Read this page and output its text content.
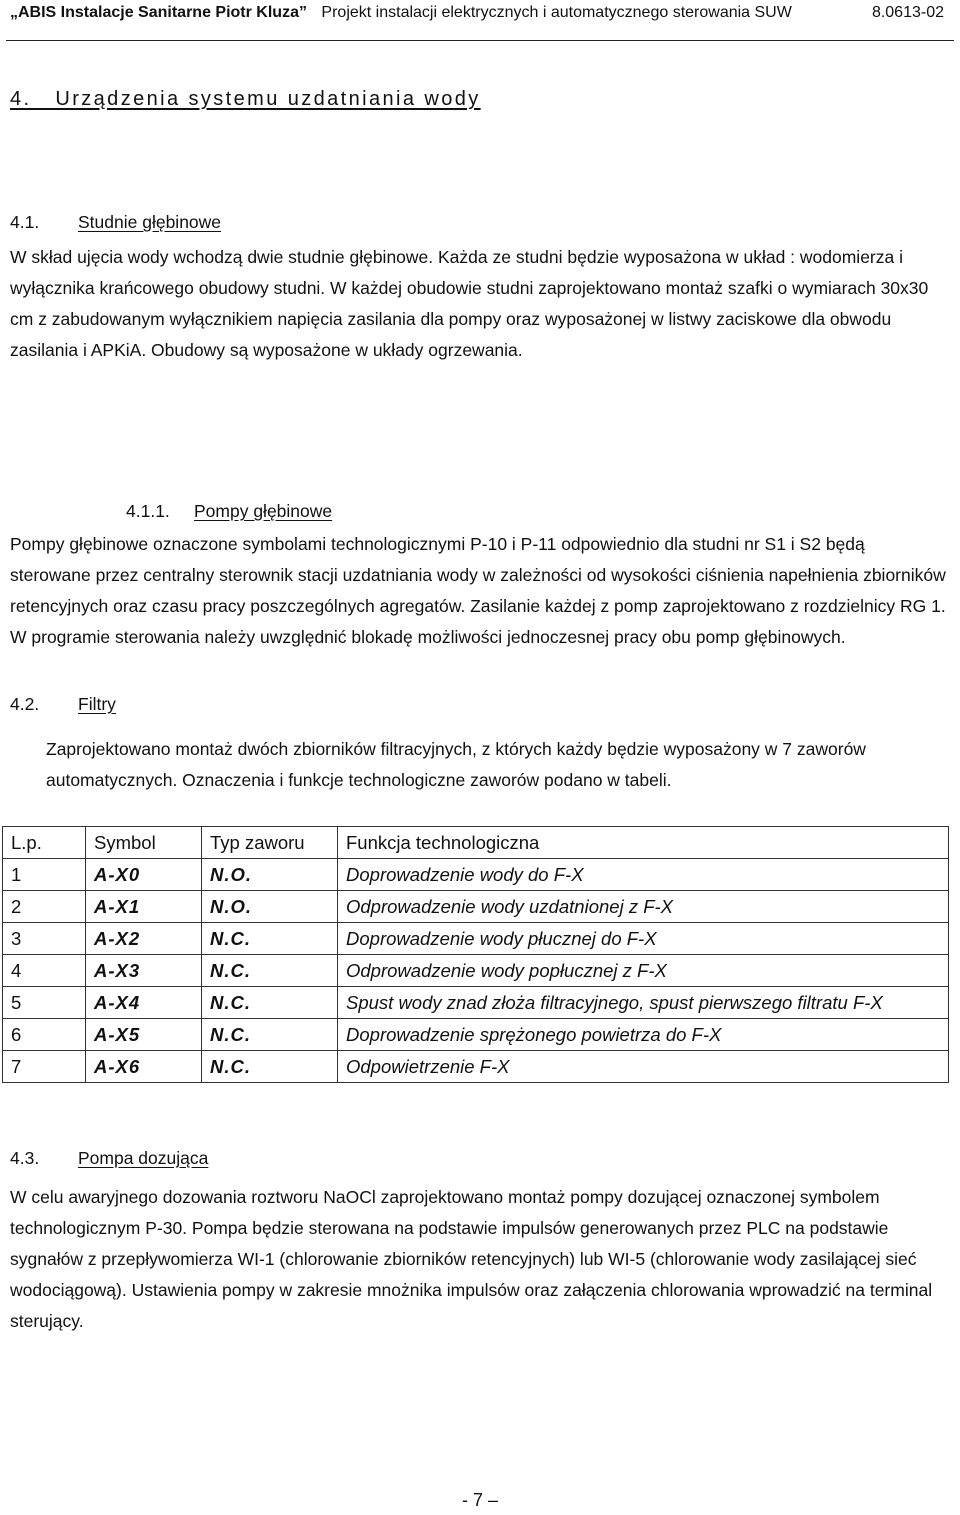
„ABIS Instalacje Sanitarne Piotr Kluza” Projekt instalacji elektrycznych i automatycznego sterowania SUW	8.0613-02
4.   Urządzenia systemu uzdatniania wody
4.1.	Studnie głębinowe

W skład ujęcia wody wchodzą dwie studnie głębinowe. Każda ze studni będzie wyposażona w układ : wodomierza i wyłącznika krańcowego obudowy studni. W każdej obudowie studni zaprojektowano montaż szafki o wymiarach 30x30 cm z zabudowanym wyłącznikiem napięcia zasilania dla pompy oraz wyposażonej w listwy zaciskowe dla obwodu zasilania i APKiA. Obudowy są wyposażone w układy ogrzewania.

4.1.1.	Pompy głębinowe

Pompy głębinowe oznaczone symbolami technologicznymi P-10 i P-11 odpowiednio dla studni nr S1 i S2 będą sterowane przez centralny sterownik stacji uzdatniania wody w zależności od wysokości ciśnienia napełnienia zbiorników retencyjnych oraz czasu pracy poszczególnych agregatów. Zasilanie każdej z pomp zaprojektowano z rozdzielnicy RG 1. W programie sterowania należy uwzględnić blokadę możliwości jednoczesnej pracy obu pomp głębinowych.

4.2.	Filtry

Zaprojektowano montaż dwóch zbiorników filtracyjnych, z których każdy będzie wyposażony w 7 zaworów automatycznych. Oznaczenia i funkcje technologiczne zaworów podano w tabeli.

L.p.	Symbol	Typ zaworu	Funkcja technologiczna
1	A-X0	N.O.	Doprowadzenie wody do F-X
2	A-X1	N.O.	Odprowadzenie wody uzdatnionej z F-X
3	A-X2	N.C.	Doprowadzenie wody płucznej do F-X
4	A-X3	N.C.	Odprowadzenie wody popłucznej z F-X
5	A-X4	N.C.	Spust wody znad złoża filtracyjnego, spust pierwszego filtratu F-X
6	A-X5	N.C.	Doprowadzenie sprężonego powietrza do F-X
7	A-X6	N.C.	Odpowietrzenie F-X
4.3.	Pompa dozująca

W celu awaryjnego dozowania roztworu NaOCl zaprojektowano montaż pompy dozującej oznaczonej symbolem technologicznym P-30. Pompa będzie sterowana na podstawie impulsów generowanych przez PLC na podstawie sygnałów z przepływomierza WI-1 (chlorowanie zbiorników retencyjnych) lub WI-5 (chlorowanie wody zasilającej sieć wodociągową). Ustawienia pompy w zakresie mnożnika impulsów oraz załączenia chlorowania wprowadzić na terminal sterujący.

- 7 –
